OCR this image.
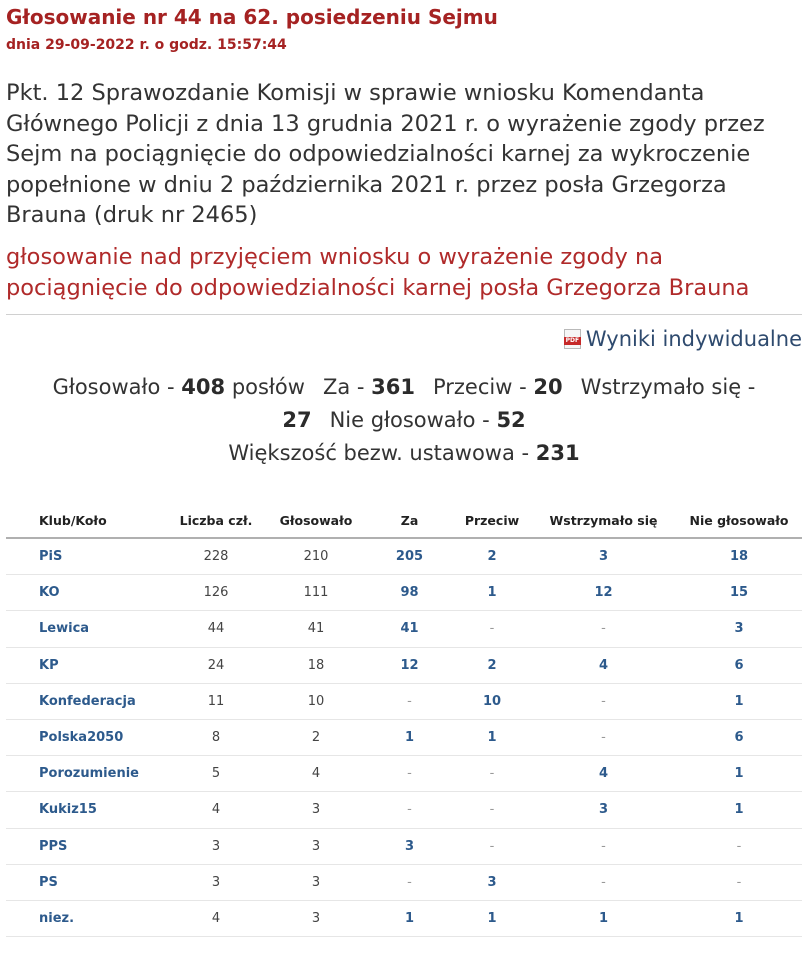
Głosowanie nr 44 na 62. posiedzeniu Sejmu
dnia 29-09-2022 r. o godz. 15:57:44
Pkt. 12 Sprawozdanie Komisji w sprawie wniosku Komendanta Głównego Policji z dnia 13 grudnia 2021 r. o wyrażenie zgody przez Sejm na pociągnięcie do odpowiedzialności karnej za wykroczenie popełnione w dniu 2 października 2021 r. przez posła Grzegorza Brauna (druk nr 2465)
głosowanie nad przyjęciem wniosku o wyrażenie zgody na pociągnięcie do odpowiedzialności karnej posła Grzegorza Brauna
PDF Wyniki indywidualne
Głosowało - 408 posłów Za - 361 Przeciw - 20 Wstrzymało się -
27 Nie głosowało - 52
Większość bezw. ustawowa - 231
Klub/Koło	Liczba czł.	Głosowało	Za	Przeciw	Wstrzymało się	Nie głosowało
PiS	228	210	205	2	3	18
KO	126	111	98	1	12	15
Lewica	44	41	41	-	-	3
KP	24	18	12	2	4	6
Konfederacja	11	10	-	10	-	1
Polska2050	8	2	1	1	-	6
Porozumienie	5	4	-	-	4	1
Kukiz15	4	3	-	-	3	1
PPS	3	3	3	-	-	-
PS	3	3	-	3	-	-
niez.	4	3	1	1	1	1
